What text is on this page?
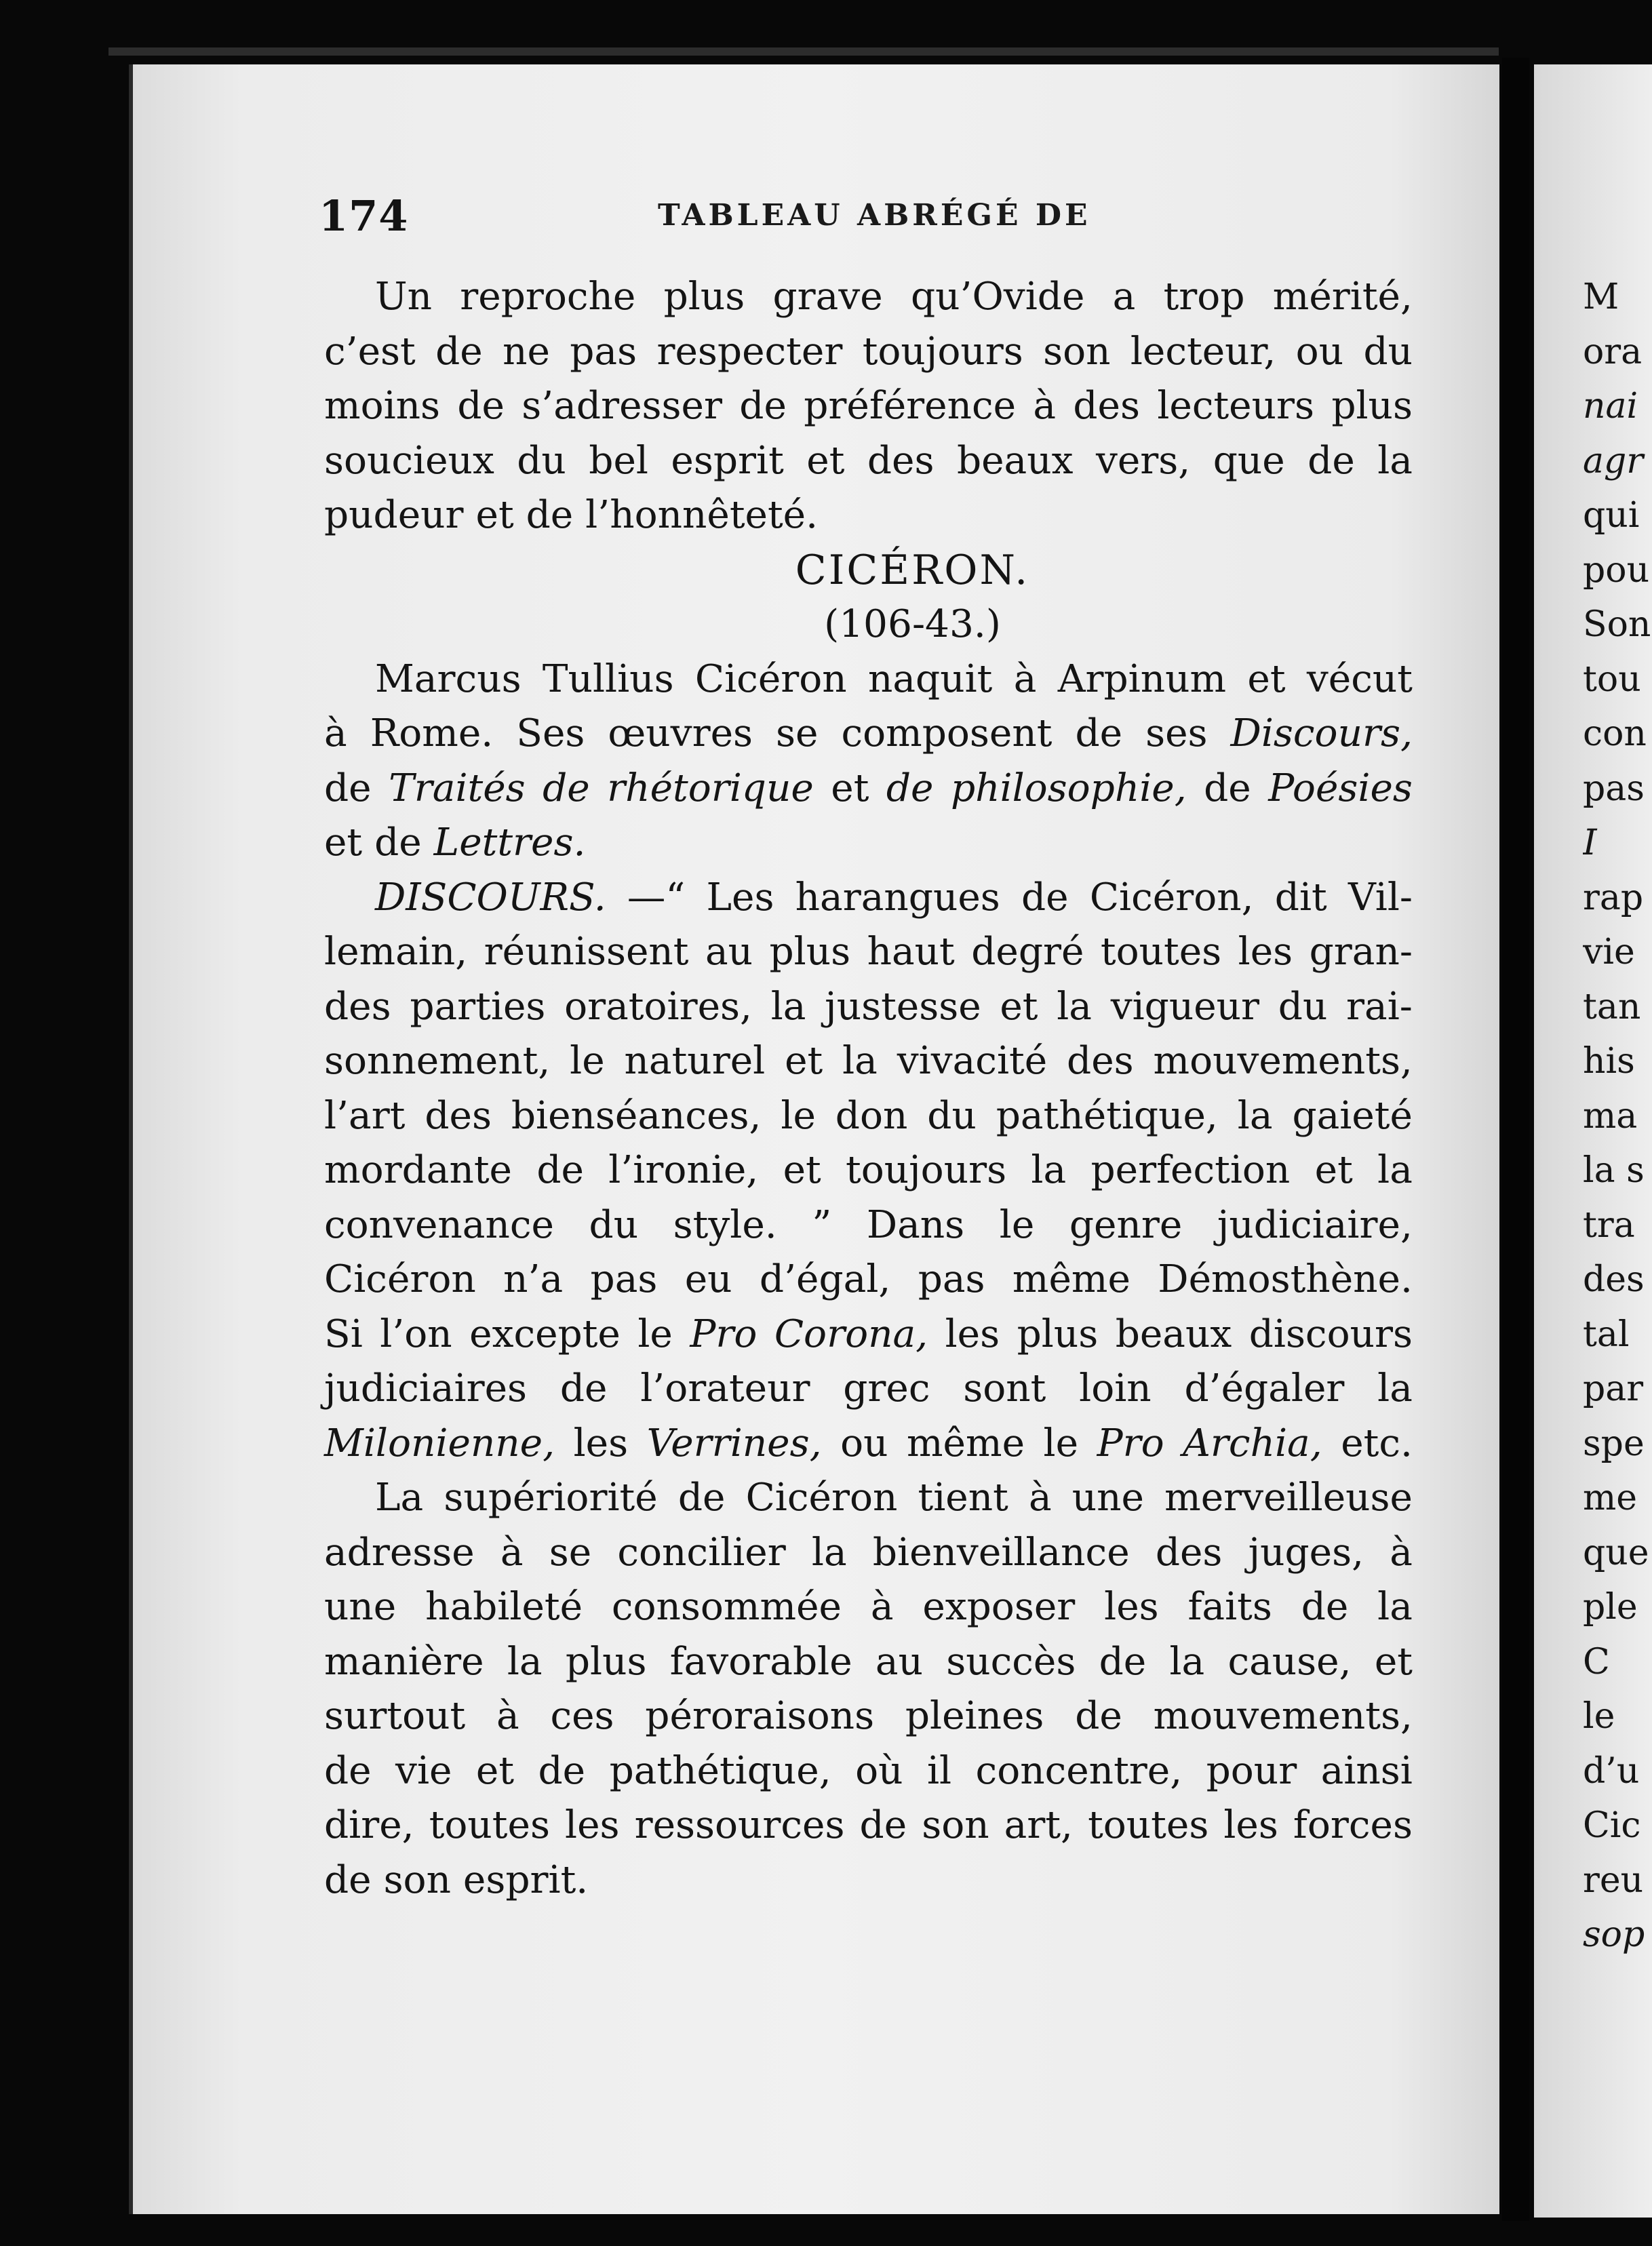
174	TABLEAU ABRÉGÉ DE
Un reproche plus grave qu’Ovide a trop mérité,
c’est de ne pas respecter toujours son lecteur, ou du
moins de s’adresser de préférence à des lecteurs plus
soucieux du bel esprit et des beaux vers, que de la
pudeur et de l’honnêteté.
CICÉRON.
(106-43.)
Marcus Tullius Cicéron naquit à Arpinum et vécut
à Rome. Ses œuvres se composent de ses Discours,
de Traités de rhétorique et de philosophie, de Poésies
et de Lettres.
DISCOURS. —“ Les harangues de Cicéron, dit Vil-
lemain, réunissent au plus haut degré toutes les gran-
des parties oratoires, la justesse et la vigueur du rai-
sonnement, le naturel et la vivacité des mouvements,
l’art des bienséances, le don du pathétique, la gaieté
mordante de l’ironie, et toujours la perfection et la
convenance du style. ” Dans le genre judiciaire,
Cicéron n’a pas eu d’égal, pas même Démosthène.
Si l’on excepte le Pro Corona, les plus beaux discours
judiciaires de l’orateur grec sont loin d’égaler la
Milonienne, les Verrines, ou même le Pro Archia, etc.
La supériorité de Cicéron tient à une merveilleuse
adresse à se concilier la bienveillance des juges, à
une habileté consommée à exposer les faits de la
manière la plus favorable au succès de la cause, et
surtout à ces péroraisons pleines de mouvements,
de vie et de pathétique, où il concentre, pour ainsi
dire, toutes les ressources de son art, toutes les forces
de son esprit.
M
ora
nai
agr
qui
pou
Son
tou
con
pas
I
rap
vie
tan
his
ma
la s
tra
des
tal
par
spe
me
que
ple
C
le
d’u
Cic
reu
sop
